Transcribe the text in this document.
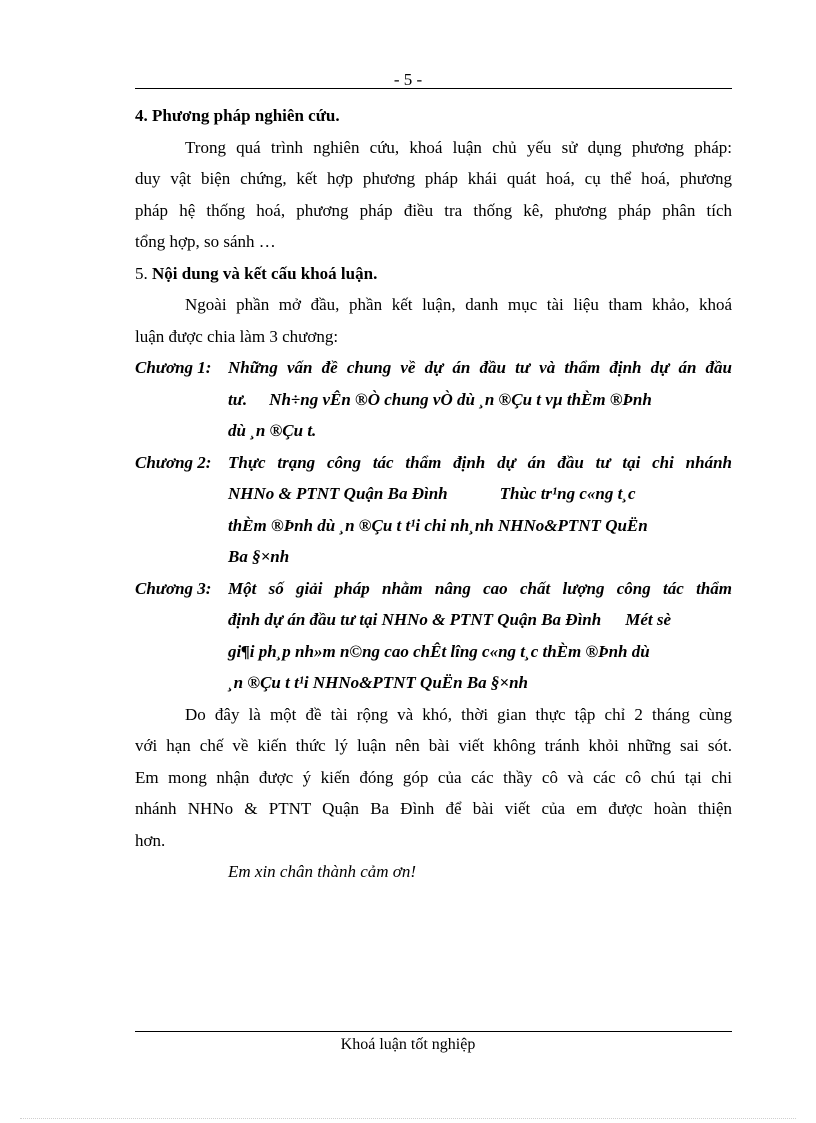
- 5 -
4. Phương pháp nghiên cứu.
Trong quá trình nghiên cứu, khoá luận chủ yếu sử dụng phương pháp:
duy vật biện chứng, kết hợp phương pháp khái quát hoá, cụ thể hoá, phương
pháp hệ thống hoá, phương pháp điều tra thống kê, phương pháp phân tích
tổng hợp, so sánh …
5. Nội dung và kết cấu khoá luận.
Ngoài phần mở đầu, phần kết luận, danh mục tài liệu tham khảo, khoá
luận được chia làm 3 chương:
Chương 1: Những vấn đề chung về dự án đầu tư và thẩm định dự án đầu
tư. Nh÷ng vÊn ®Ò chung vÒ dù ¸n ®Çu t vµ thÈm ®Þnh
dù ¸n ®Çu t.
Chương 2: Thực trạng công tác thẩm định dự án đầu tư tại chi nhánh
NHNo & PTNT Quận Ba Đình	Thùc tr¹ng c«ng t¸c
thÈm ®Þnh dù ¸n ®Çu t t¹i chi nh¸nh NHNo&PTNT QuËn
Ba §×nh
Chương 3: Một số giải pháp nhằm nâng cao chất lượng công tác thẩm
định dự án đầu tư tại NHNo & PTNT Quận Ba Đình Mét sè
gi¶i ph¸p nh»m n©ng cao chÊt lîng c«ng t¸c thÈm ®Þnh dù
¸n ®Çu t t¹i NHNo&PTNT QuËn Ba §×nh
Do đây là một đề tài rộng và khó, thời gian thực tập chỉ 2 tháng cùng
với hạn chế về kiến thức lý luận nên bài viết không tránh khỏi những sai sót.
Em mong nhận được ý kiến đóng góp của các thầy cô và các cô chú tại chi
nhánh NHNo & PTNT Quận Ba Đình để bài viết của em được hoàn thiện
hơn.
Em xin chân thành cảm ơn!
Khoá luận tốt nghiệp
